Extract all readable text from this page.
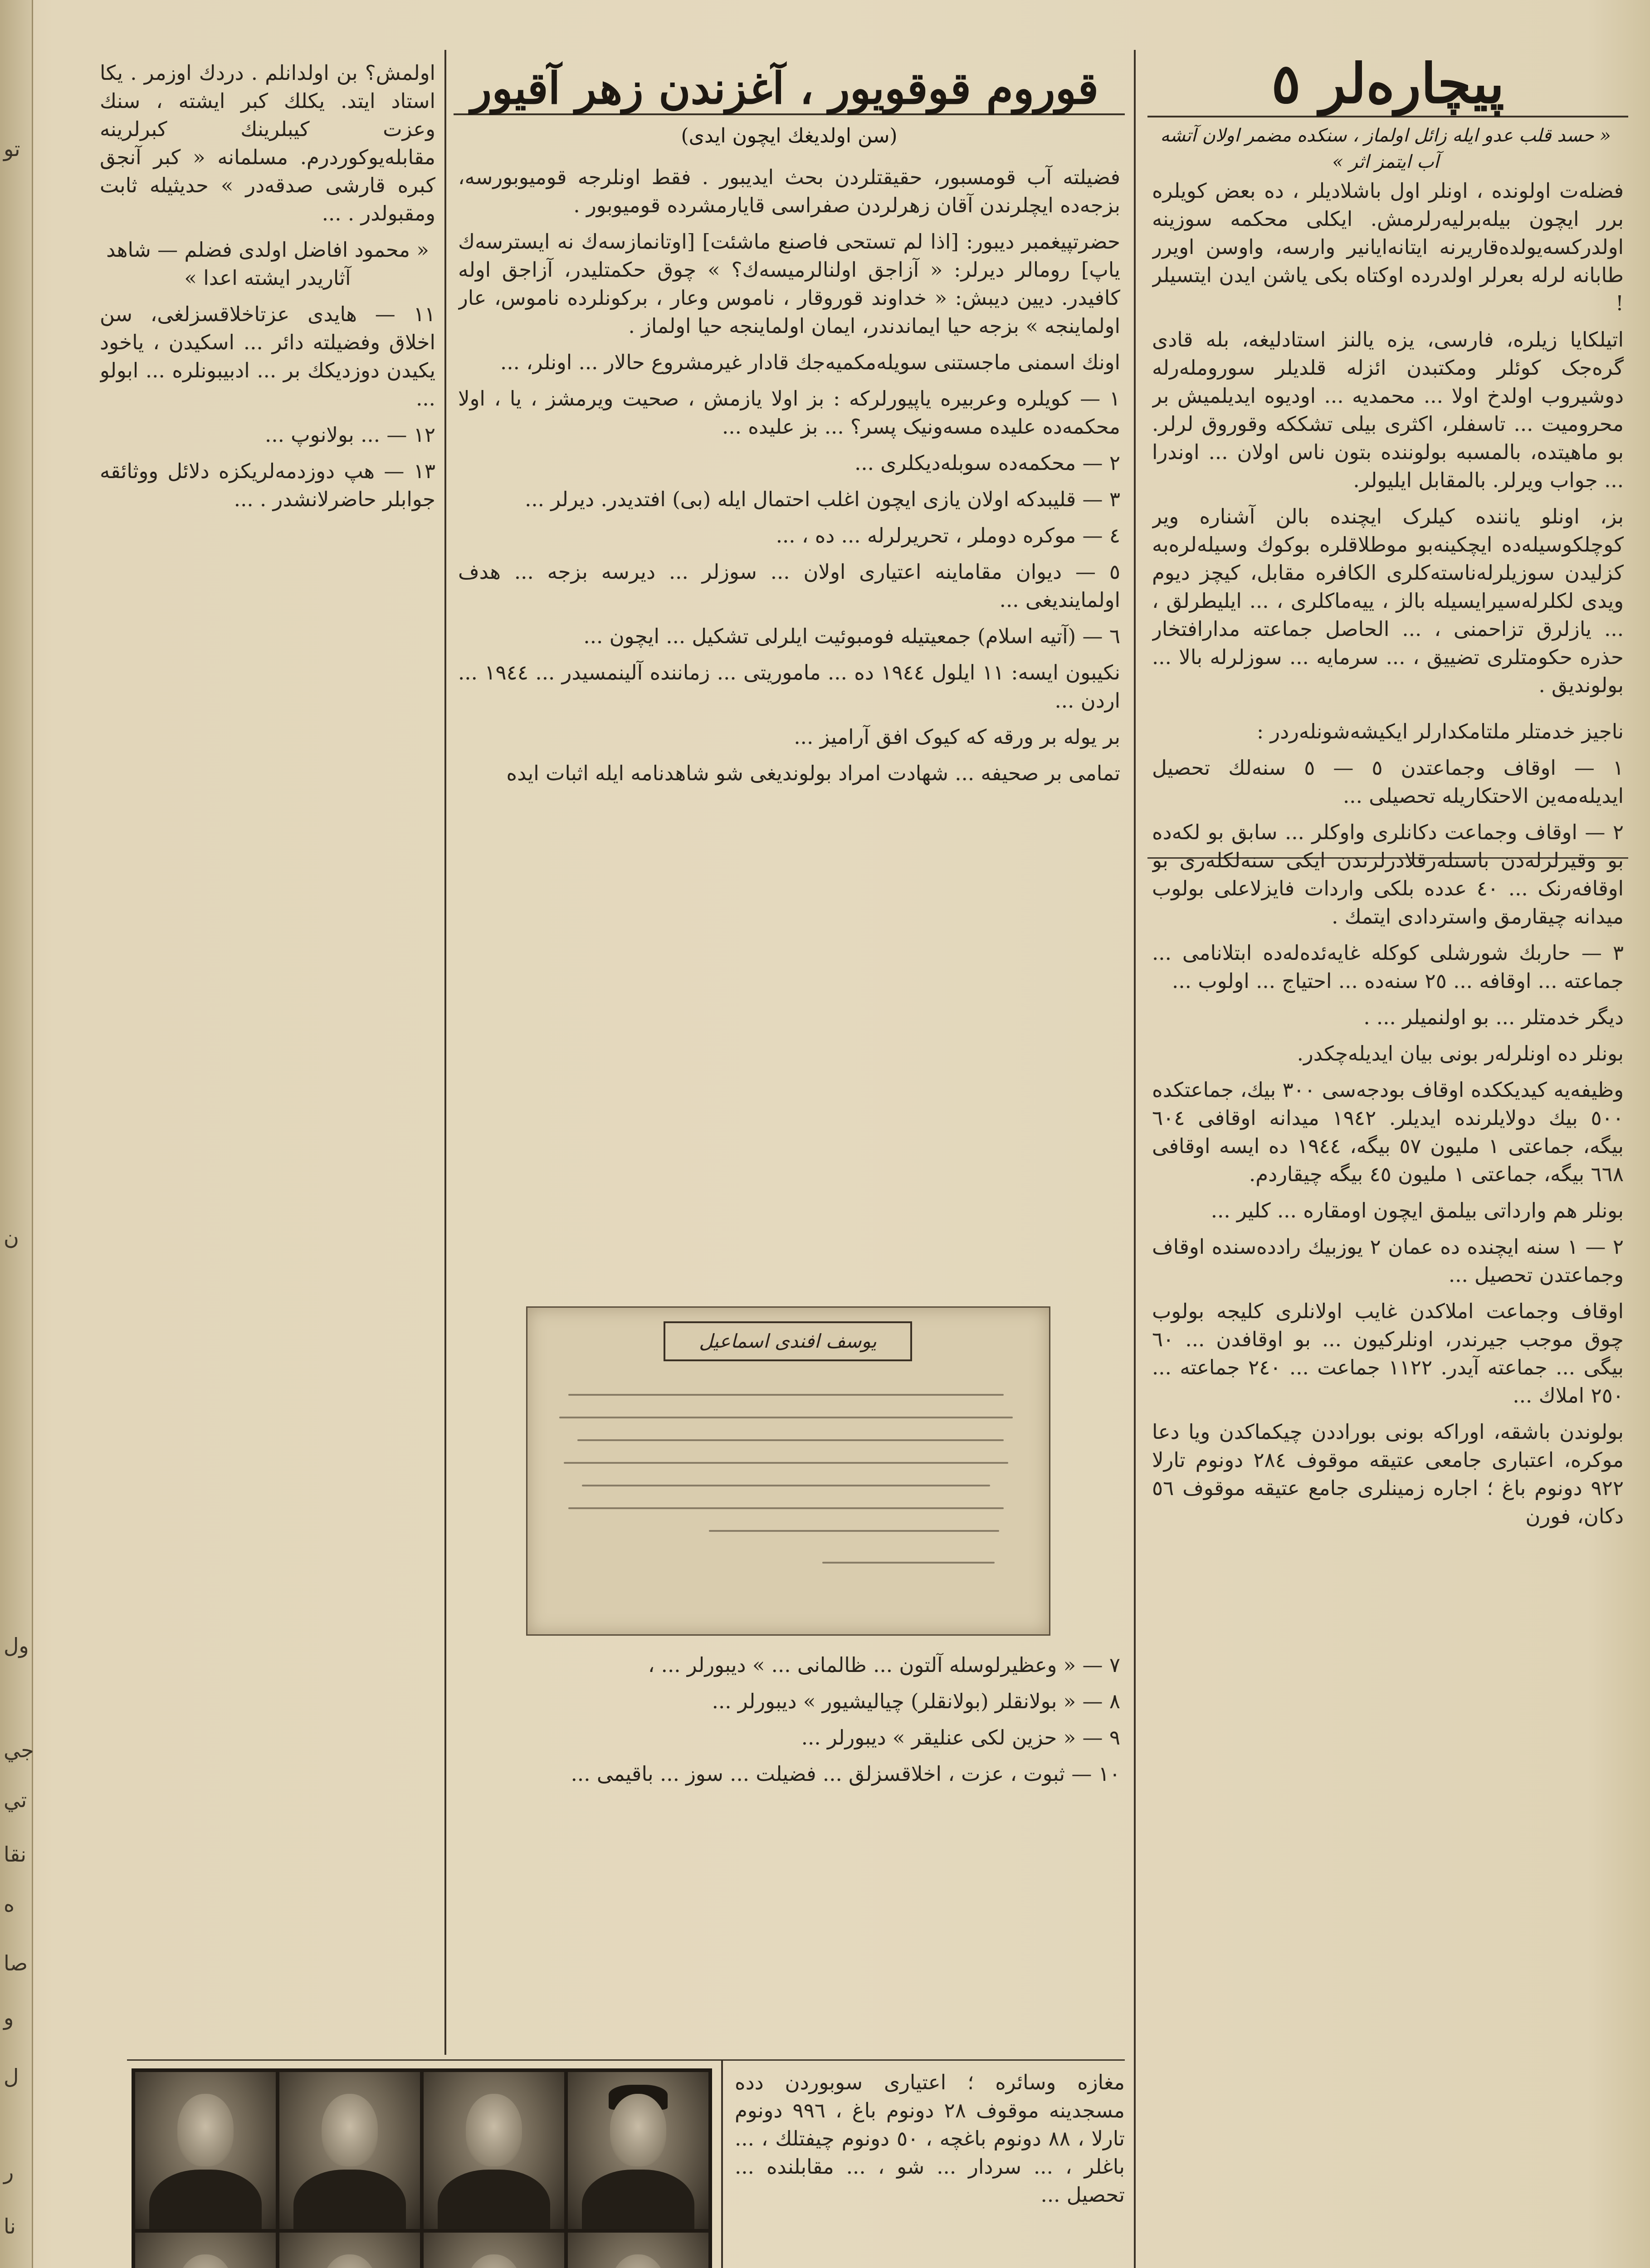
تو
ن
ول
جي
تي
نقا
ه
صا
و
ل
ر
نا
پیچارەلر ٥
« حسد قلب عدو ایلە زائل اولماز ، سنکدە مضمر اولان آتشە آب ایتمز اثر »
قوروم قوقویور ، آغزندن زهر آقیور
(سن اولدیغك ایچون ایدی)

فضلەت اولوندە ، اونلر اول باشلادیلر ، ده بعض کویلره برر ایچون بیلەبرلیه‌رلرمش. ایکلی محکمە سوزینە اولدرکسەیولدەقاریرنە ایتانەایانیر وارسە، واوسن اویرر طابانە لرلە بعرلر اولدرده اوکتاه بکی یاشن ایدن ایتسیلر !

اتیلکایا زیلرە، فارسی، یزە یالنز استادلیغە، بلە قادی گرەجک کوئلر ومکتبدن ائزلە قلدیلر سوروملەرلە دوشیروب اولدخ اولا ... محمدیە ... اودیوه ایدیلمیش بر محرومیت ... تاسفلر، اکثری بیلی تشککه وقوروق لرلر. بو ماهیتدە، بالمسبه بولوننده بتون ناس اولان ... اوندرا ... جواب ویرلر. بالمقابل ایلیولر.

بز، اونلو یاننده کیلرک ایچندە بالن آشنارە ویر کوچلکوسیلەدە ایچکینەبو موطلاقلرە بوکوك وسیلەلرەبە کزلیدن سوزیلرلەناستەکلری الکافرە مقابل، کیچز دیوم ویدی لکلرلەسیرایسیلە بالز ، ییەماکلری ، ... ایلیطرلق ، ... یازلرق تزاحمنی ، ... الحاصل جماعتە مدارافتخار حذرە حکومتلری تضییق ، ... سرمایە ... سوزلرلە بالا ... بولوندیق .

ناجیز خدمتلر ملتامکدارلر ایکیشەشونلەردر :

١ — اوقاف وجماعتدن ٥ — ٥ سنەلك تحصیل ایدیلەمەین الاحتكاریلە تحصیلی ...

٢ — اوقاف وجماعت دکانلری واوکلر ... سابق بو لکەدە بو وقیرلرلەدن باستلەرقلادرلرندن ایکی سنەلکلەری بو اوقافەرنک ... ٤٠ عددە بلکی واردات فایزلاعلی بولوب میدانە چیقارمق واستردادی ایتمك .

٣ — حاربك شورشلی کوکلە غایەئدەلەدە ابتلانامی ... جماعتە ... اوقافە ... ٢٥ سنەدە ... احتیاج ... اولوب ...

دیگر خدمتلر ... بو اولنمیلر ... .

بونلر ده اونلرلەر بونی بیان ایدیلەچکدر.

وظیفەیە کیدیککدە اوقاف بودجەسی ٣٠٠ بیك، جماعتکده ٥٠٠ بیك دولایلرندە ایدیلر. ١٩٤٢ میدانە اوقافی ٦٠٤ بیگە، جماعتی ١ ملیون ٥٧ بیگە، ١٩٤٤ دە ایسە اوقافی ٦٦٨ بیگە، جماعتی ١ ملیون ٤٥ بیگە چیقاردم.

بونلر هم وارداتی بیلمق ایچون اومقاره ... کلیر ...

٢ — ١ سنە ایچندە ده عمان ٢ یوزبیك راددەسندە اوقاف وجماعتدن تحصیل ...

اوقاف وجماعت املاکدن غایب اولانلری کلیجە بولوب چوق موجب جیرندر، اونلرکیون ... بو اوقافدن ... ٦٠ بیگی ... جماعتە آیدر. ١١٢٢ جماعت ... ٢٤٠ جماعتە ... ٢٥٠ املاك ...

بولوندن باشقە، اوراکە بونی بوراددن چیکماکدن ویا دعا موکره، اعتباری جامعی عتیقە موقوف ٢٨٤ دونوم تارلا ٩٢٢ دونوم باغ ؛ اجارە زمینلری جامع عتیقە موقوف ٥٦ دکان، فورن

فضیلتە آب قومسبور، حقیقتلردن بحث ایدیبور . فقط اونلرجە قومیوبورسە، بزجەدە ایچلرندن آقان زهرلردن صفراسی قایارمشرده قومیوبور .

حضرتپیغمبر دیبور: [اذا لم تستحی فاصنع ماشئت] [اوتانمازسەك نه ایسترسەك یاپ] رومالر دیرلر: « آزاجق اولنالرمیسەك؟ » چوق حکمتلیدر، آزاجق اولە کافیدر. دیین دیبش: « خداوند قوروقار ، ناموس وعار ، برکونلرده ناموس، عار اولماینجە » بزجە حیا ایماندندر، ایمان اولماینجە حیا اولماز .

اونك اسمنی ماجستنی سویلەمکمیەجك قادار غیرمشروع حالار ... اونلر، ...

١ — کویلره وعربیره یاپیورلرکە : بز اولا یازمش ، صحیت ویرمشز ، یا ، اولا محکمەده علیدە مسەونیک پسر؟ ... بز علیدە ...

٢ — محکمەده سوبلەدیکلری ...

٣ — قلیبدکە اولان یازی ایچون اغلب احتمال ایلە (بی) افتدیدر. دیرلر ...

٤ — موکره دوملر ، تحریرلرلە ... ده ، ...

٥ — دیوان مقاماینە اعتیاری اولان ... سوزلر ... دیرسه بزجه ... هدف اولمایندیغی ...

٦ — (آتیە اسلام) جمعیتیلە فومبوئیت ایلرلی تشکیل ... ایچون ...

نکیبون ایسە: ١١ ایلول ١٩٤٤ دە ... ماموریتی ... زمانندە آلینمسیدر ... ١٩٤٤ ... اردن ...

بر یولە بر ورقە که کیوک افق آرامیز ...

تمامی بر صحیفە ... شهادت امراد بولوندیغی شو شاهدنامە ایلە اثبات ایدە

یوسف افندی اسماعیل

٧ — « وعظیرلوسلە آلتون ... ظالمانی ... » دیبورلر ... ،

٨ — « بولانقلر (بولانقلر) چیالیشیور » دیبورلر ...

٩ — « حزین لکی عنلیقر » دیبورلر ...

١٠ — ثبوت ، عزت ، اخلاقسزلق ... فضیلت ... سوز ... باقیمی ...

اولمش؟ بن اولدانلم . دردك اوزمر . یکا استاد ایتد. یکلك کبر ایشتە ، سنك وعزت کیبلرینك کبرلرینە مقابلەیوکوردرم. مسلمانە « کبر آنجق کبرە قارشی صدقەدر » حدیثیلە ثابت ومقبولدر . ...

« محمود افاضل اولدی فضلم — شاهد آثاریدر ایشتە اعدا »

١١ — هایدی عزتاخلاقسزلغی، سن اخلاق وفضیلتە دائر ... اسکیدن ، یاخود یکیدن دوزدیکك بر ... ادبیبونلره ... ابولو ...

١٢ — ... بولانوپ ...

١٣ — هپ دوزدمەلریکزه دلائل ووثائقە جوابلر حاضرلانشدر . ...

مغازە وسائرە ؛ اعتیاری سوبوردن دده مسجدینە موقوف ٢٨ دونوم باغ ، ٩٩٦ دونوم تارلا ، ٨٨ دونوم باغچە ، ٥٠ دونوم چیفتلك ، ... باغلر ، ... سردار ... شو ، ... مقابلندە ... تحصیل ...
